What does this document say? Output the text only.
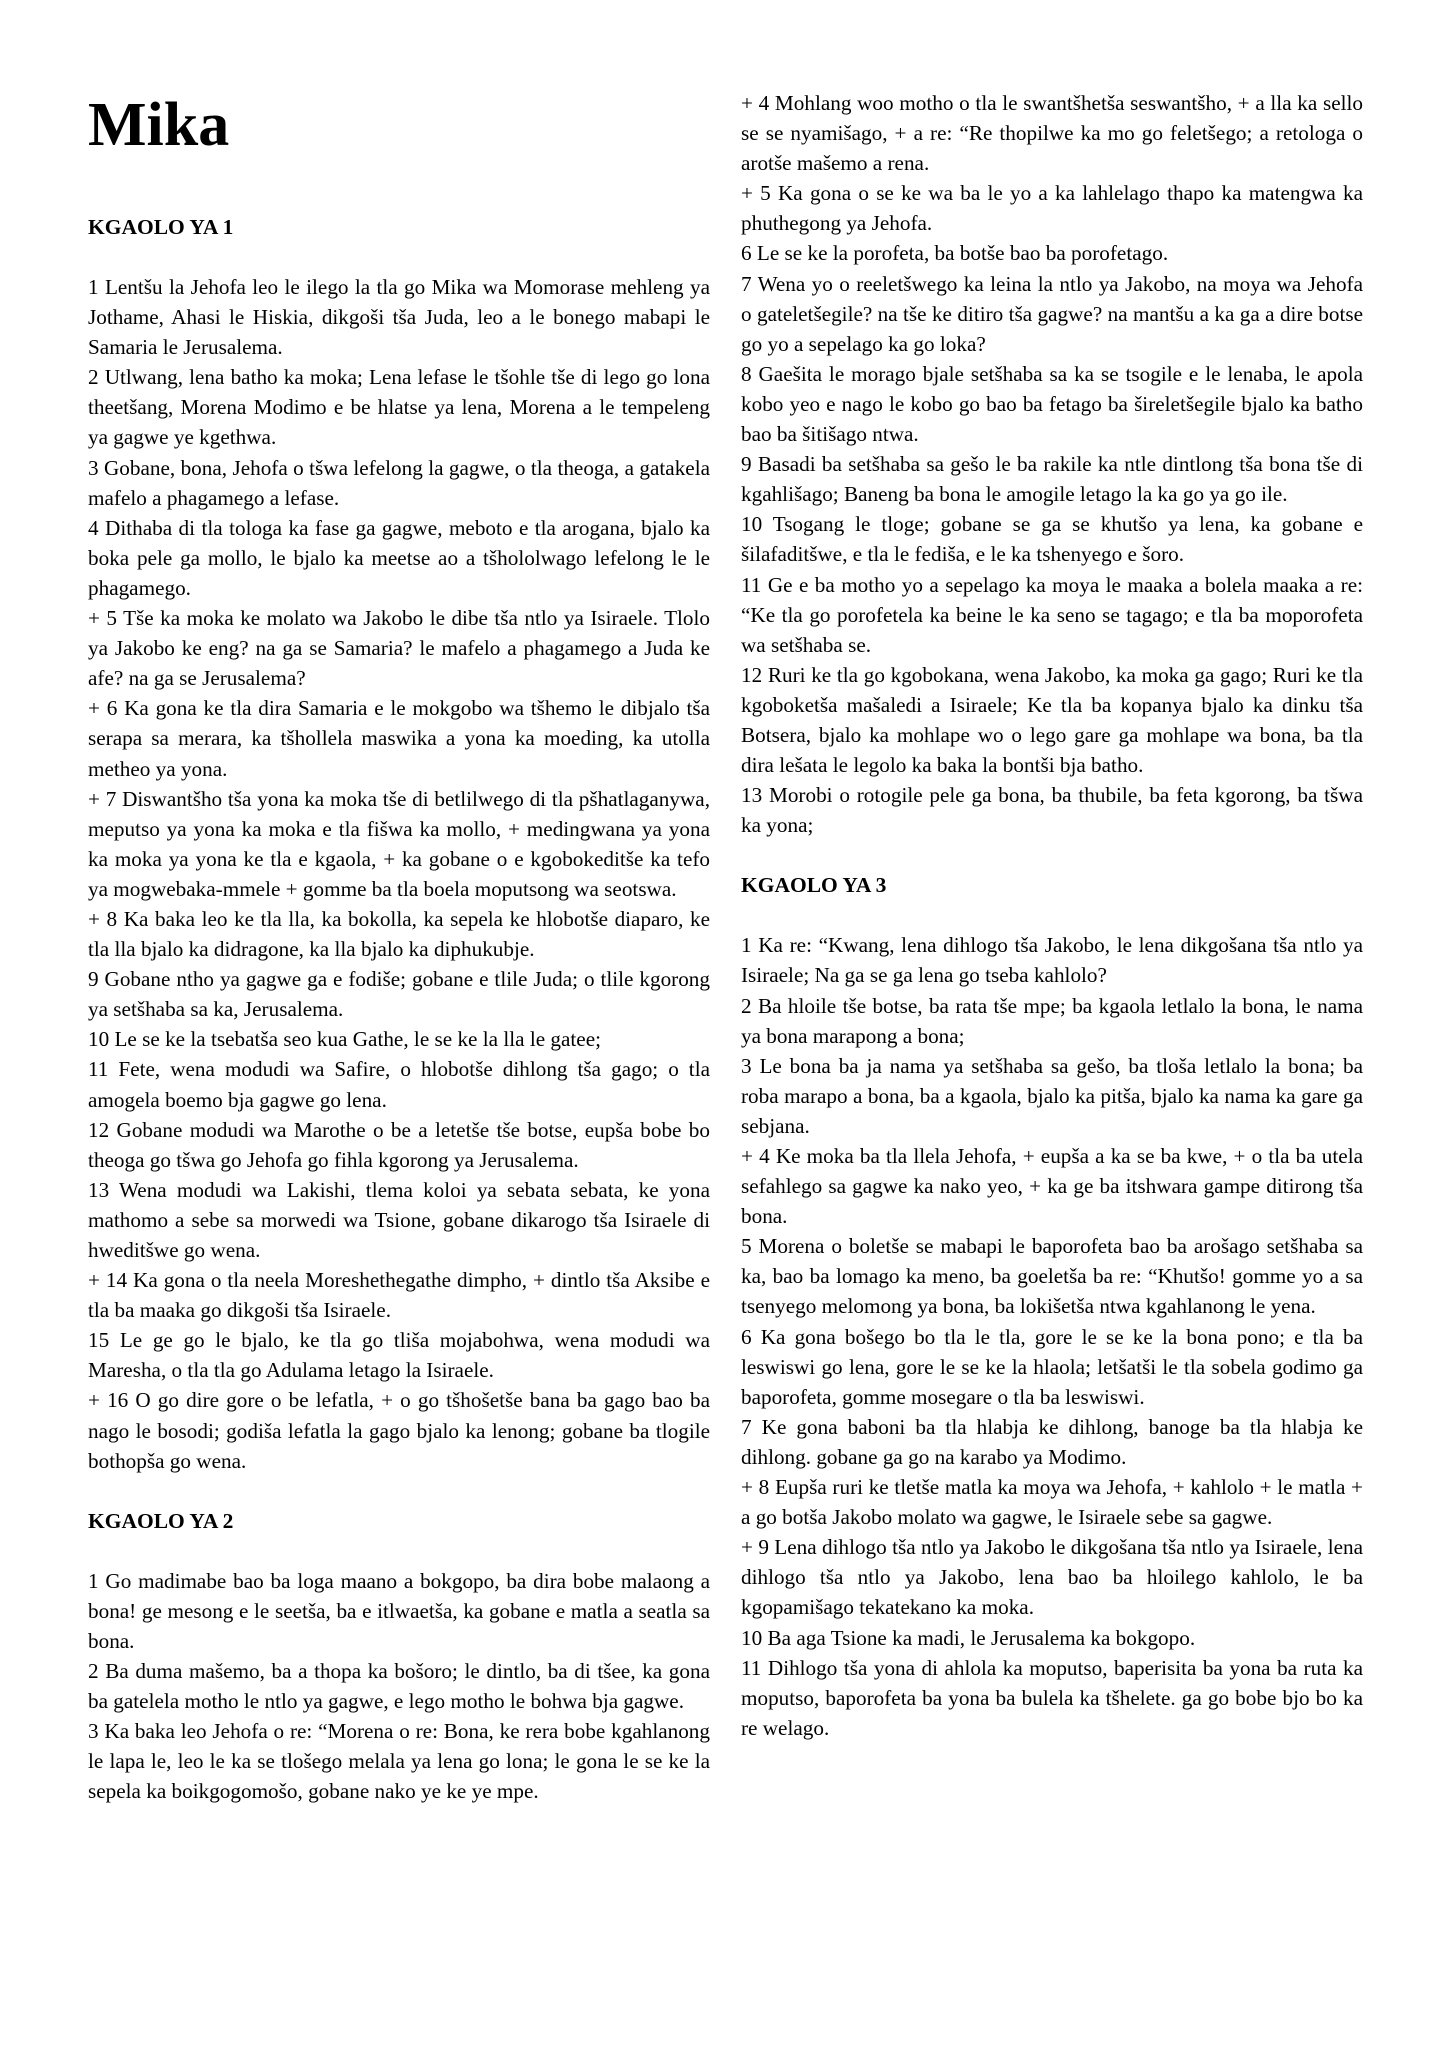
Mika
KGAOLO YA 1

1 Lentšu la Jehofa leo le ilego la tla go Mika wa Momorase mehleng ya Jothame, Ahasi le Hiskia, dikgoši tša Juda, leo a le bonego mabapi le Samaria le Jerusalema.

2 Utlwang, lena batho ka moka; Lena lefase le tšohle tše di lego go lona theetšang, Morena Modimo e be hlatse ya lena, Morena a le tempeleng ya gagwe ye kgethwa.

3 Gobane, bona, Jehofa o tšwa lefelong la gagwe, o tla theoga, a gatakela mafelo a phagamego a lefase.

4 Dithaba di tla tologa ka fase ga gagwe, meboto e tla arogana, bjalo ka boka pele ga mollo, le bjalo ka meetse ao a tšhololwago lefelong le le phagamego.

+ 5 Tše ka moka ke molato wa Jakobo le dibe tša ntlo ya Isiraele. Tlolo ya Jakobo ke eng? na ga se Samaria? le mafelo a phagamego a Juda ke afe? na ga se Jerusalema?

+ 6 Ka gona ke tla dira Samaria e le mokgobo wa tšhemo le dibjalo tša serapa sa merara, ka tšhollela maswika a yona ka moeding, ka utolla metheo ya yona.

+ 7 Diswantšho tša yona ka moka tše di betlilwego di tla pšhatlaganywa, meputso ya yona ka moka e tla fišwa ka mollo, + medingwana ya yona ka moka ya yona ke tla e kgaola, + ka gobane o e kgobokeditše ka tefo ya mogwebaka-mmele + gomme ba tla boela moputsong wa seotswa.

+ 8 Ka baka leo ke tla lla, ka bokolla, ka sepela ke hlobotše diaparo, ke tla lla bjalo ka didragone, ka lla bjalo ka diphukubje.

9 Gobane ntho ya gagwe ga e fodiše; gobane e tlile Juda; o tlile kgorong ya setšhaba sa ka, Jerusalema.

10 Le se ke la tsebatša seo kua Gathe, le se ke la lla le gatee;

11 Fete, wena modudi wa Safire, o hlobotše dihlong tša gago; o tla amogela boemo bja gagwe go lena.

12 Gobane modudi wa Marothe o be a letetše tše botse, eupša bobe bo theoga go tšwa go Jehofa go fihla kgorong ya Jerusalema.

13 Wena modudi wa Lakishi, tlema koloi ya sebata sebata, ke yona mathomo a sebe sa morwedi wa Tsione, gobane dikarogo tša Isiraele di hweditšwe go wena.

+ 14 Ka gona o tla neela Moreshethegathe dimpho, + dintlo tša Aksibe e tla ba maaka go dikgoši tša Isiraele.

15 Le ge go le bjalo, ke tla go tliša mojabohwa, wena modudi wa Maresha, o tla tla go Adulama letago la Isiraele.

+ 16 O go dire gore o be lefatla, + o go tšhošetše bana ba gago bao ba nago le bosodi; godiša lefatla la gago bjalo ka lenong; gobane ba tlogile bothopša go wena.

KGAOLO YA 2

1 Go madimabe bao ba loga maano a bokgopo, ba dira bobe malaong a bona! ge mesong e le seetša, ba e itlwaetša, ka gobane e matla a seatla sa bona.

2 Ba duma mašemo, ba a thopa ka bošoro; le dintlo, ba di tšee, ka gona ba gatelela motho le ntlo ya gagwe, e lego motho le bohwa bja gagwe.

3 Ka baka leo Jehofa o re: “Morena o re: Bona, ke rera bobe kgahlanong le lapa le, leo le ka se tlošego melala ya lena go lona; le gona le se ke la sepela ka boikgogomošo, gobane nako ye ke ye mpe.

+ 4 Mohlang woo motho o tla le swantšhetša seswantšho, + a lla ka sello se se nyamišago, + a re: “Re thopilwe ka mo go feletšego; a retologa o arotše mašemo a rena.

+ 5 Ka gona o se ke wa ba le yo a ka lahlelago thapo ka matengwa ka phuthegong ya Jehofa.

6 Le se ke la porofeta, ba botše bao ba porofetago.

7 Wena yo o reeletšwego ka leina la ntlo ya Jakobo, na moya wa Jehofa o gateletšegile? na tše ke ditiro tša gagwe? na mantšu a ka ga a dire botse go yo a sepelago ka go loka?

8 Gaešita le morago bjale setšhaba sa ka se tsogile e le lenaba, le apola kobo yeo e nago le kobo go bao ba fetago ba šireletšegile bjalo ka batho bao ba šitišago ntwa.

9 Basadi ba setšhaba sa gešo le ba rakile ka ntle dintlong tša bona tše di kgahlišago; Baneng ba bona le amogile letago la ka go ya go ile.

10 Tsogang le tloge; gobane se ga se khutšo ya lena, ka gobane e šilafaditšwe, e tla le fediša, e le ka tshenyego e šoro.

11 Ge e ba motho yo a sepelago ka moya le maaka a bolela maaka a re: “Ke tla go porofetela ka beine le ka seno se tagago; e tla ba moporofeta wa setšhaba se.

12 Ruri ke tla go kgobokana, wena Jakobo, ka moka ga gago; Ruri ke tla kgoboketša mašaledi a Isiraele; Ke tla ba kopanya bjalo ka dinku tša Botsera, bjalo ka mohlape wo o lego gare ga mohlape wa bona, ba tla dira lešata le legolo ka baka la bontši bja batho.

13 Morobi o rotogile pele ga bona, ba thubile, ba feta kgorong, ba tšwa ka yona;

KGAOLO YA 3

1 Ka re: “Kwang, lena dihlogo tša Jakobo, le lena dikgošana tša ntlo ya Isiraele; Na ga se ga lena go tseba kahlolo?

2 Ba hloile tše botse, ba rata tše mpe; ba kgaola letlalo la bona, le nama ya bona marapong a bona;

3 Le bona ba ja nama ya setšhaba sa gešo, ba tloša letlalo la bona; ba roba marapo a bona, ba a kgaola, bjalo ka pitša, bjalo ka nama ka gare ga sebjana.

+ 4 Ke moka ba tla llela Jehofa, + eupša a ka se ba kwe, + o tla ba utela sefahlego sa gagwe ka nako yeo, + ka ge ba itshwara gampe ditirong tša bona.

5 Morena o boletše se mabapi le baporofeta bao ba arošago setšhaba sa ka, bao ba lomago ka meno, ba goeletša ba re: “Khutšo! gomme yo a sa tsenyego melomong ya bona, ba lokišetša ntwa kgahlanong le yena.

6 Ka gona bošego bo tla le tla, gore le se ke la bona pono; e tla ba leswiswi go lena, gore le se ke la hlaola; letšatši le tla sobela godimo ga baporofeta, gomme mosegare o tla ba leswiswi.

7 Ke gona baboni ba tla hlabja ke dihlong, banoge ba tla hlabja ke dihlong. gobane ga go na karabo ya Modimo.

+ 8 Eupša ruri ke tletše matla ka moya wa Jehofa, + kahlolo + le matla + a go botša Jakobo molato wa gagwe, le Isiraele sebe sa gagwe.

+ 9 Lena dihlogo tša ntlo ya Jakobo le dikgošana tša ntlo ya Isiraele, lena dihlogo tša ntlo ya Jakobo, lena bao ba hloilego kahlolo, le ba kgopamišago tekatekano ka moka.

10 Ba aga Tsione ka madi, le Jerusalema ka bokgopo.

11 Dihlogo tša yona di ahlola ka moputso, baperisita ba yona ba ruta ka moputso, baporofeta ba yona ba bulela ka tšhelete. ga go bobe bjo bo ka re welago.
